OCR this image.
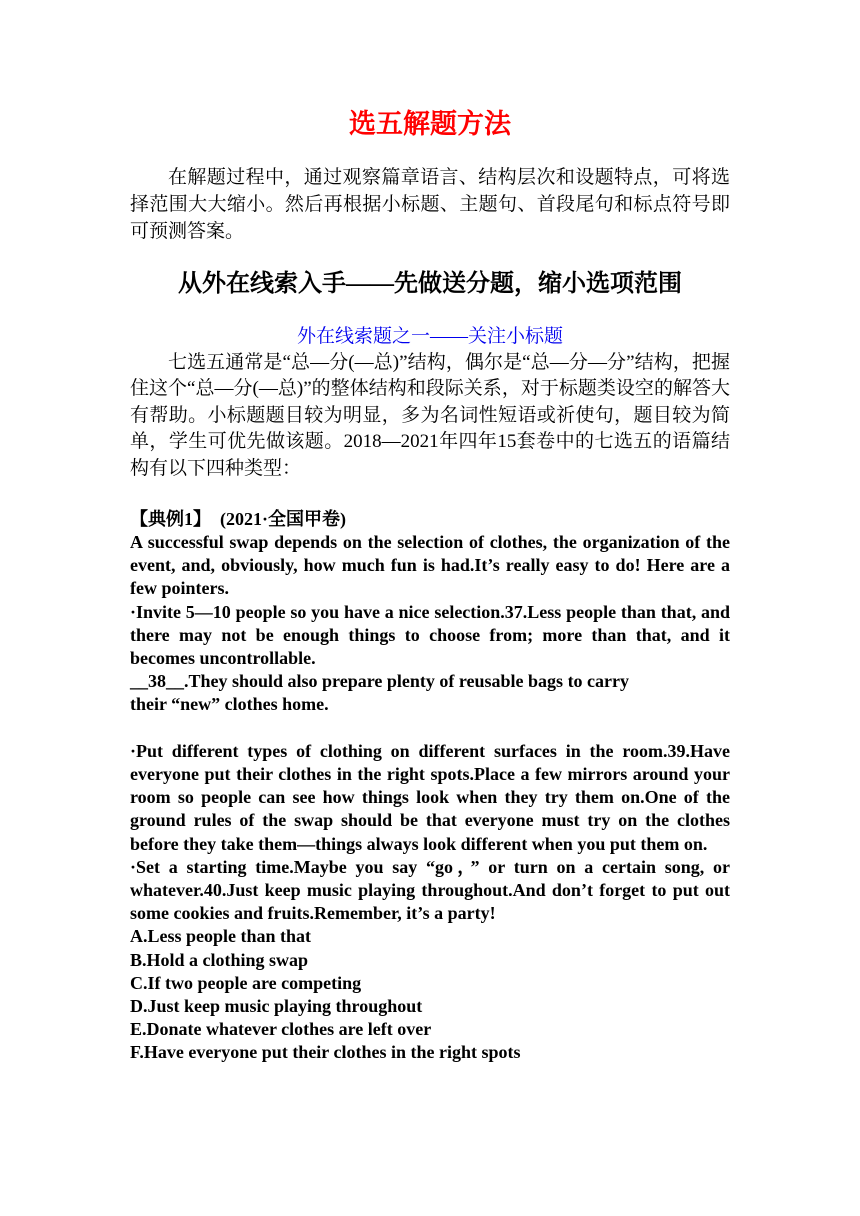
选五解题方法
在解题过程中，通过观察篇章语言、结构层次和设题特点，可将选择范围大大缩小。然后再根据小标题、主题句、首段尾句和标点符号即可预测答案。
从外在线索入手——先做送分题，缩小选项范围
外在线索题之一——关注小标题
七选五通常是“总—分(—总)”结构，偶尔是“总—分—分”结构，把握住这个“总—分(—总)”的整体结构和段际关系，对于标题类设空的解答大有帮助。小标题题目较为明显，多为名词性短语或祈使句，题目较为简单，学生可优先做该题。2018—2021年四年15套卷中的七选五的语篇结构有以下四种类型：
【典例1】　(2021·全国甲卷)

A successful swap depends on the selection of clothes, the organization of the event, and, obviously, how much fun is had.It’s really easy to do! Here are a few pointers.

·Invite 5—10 people so you have a nice selection.37.Less people than that, and there may not be enough things to choose from; more than that, and it becomes uncontrollable.

__38__.They should also prepare plenty of reusable bags to carry

their “new” clothes home.

·Put different types of clothing on different surfaces in the room.39.Have everyone put their clothes in the right spots.Place a few mirrors around your room so people can see how things look when they try them on.One of the ground rules of the swap should be that everyone must try on the clothes before they take them—things always look different when you put them on.

·Set a starting time.Maybe you say “go，” or turn on a certain song, or whatever.40.Just keep music playing throughout.And don’t forget to put out some cookies and fruits.Remember, it’s a party!

A.Less people than that

B.Hold a clothing swap

C.If two people are competing

D.Just keep music playing throughout

E.Donate whatever clothes are left over

F.Have everyone put their clothes in the right spots
